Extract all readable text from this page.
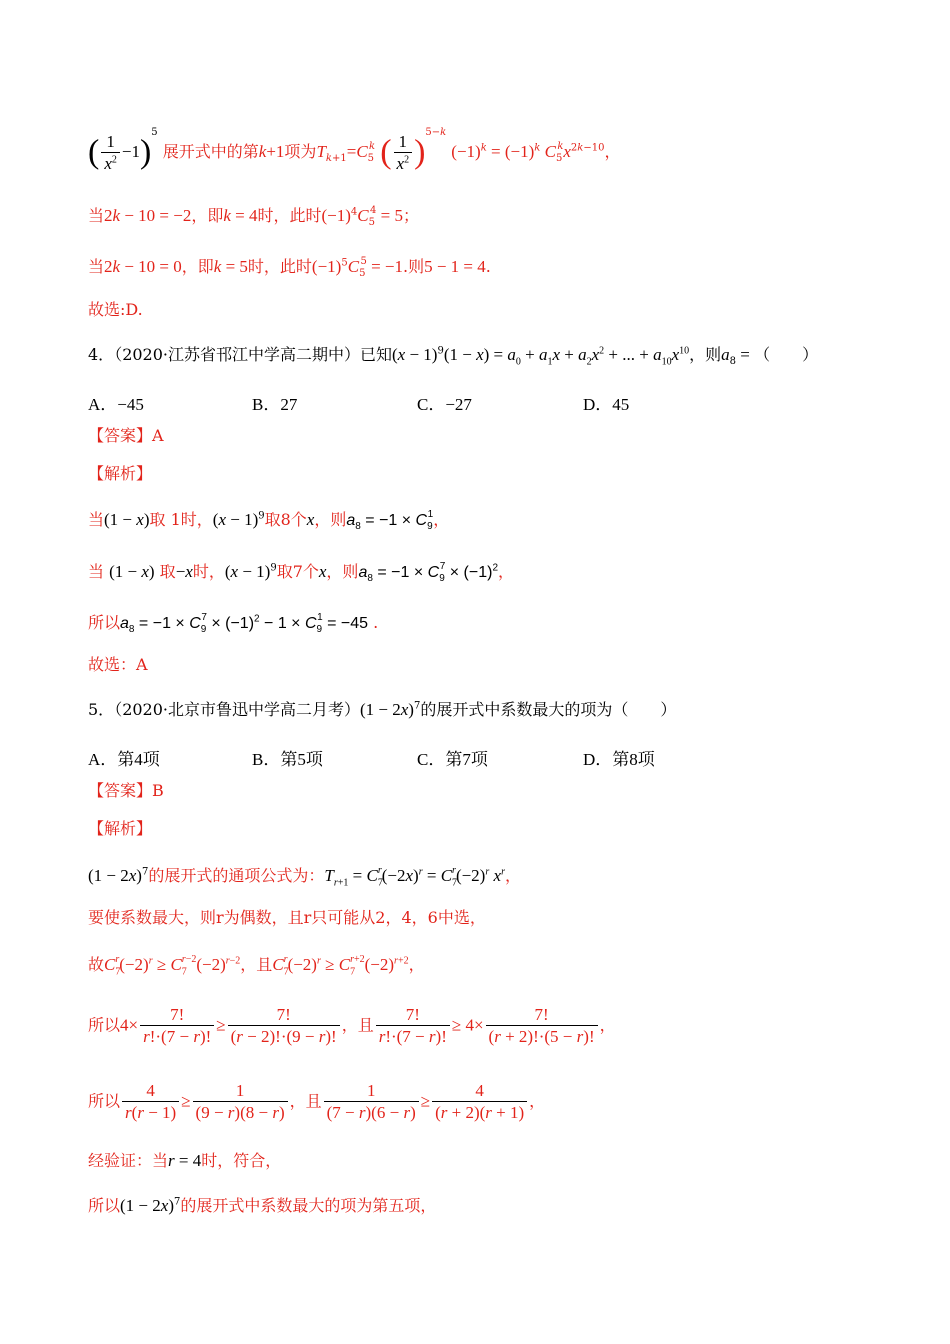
( $\frac{1}{x^2} -1)^5$ 展开式中的第k+1项为$T_{k+1}=C_5^k$ ( $\frac{1}{x^2} )^{5-k}$ $(-1)^k = (-1)^k$ $C_5^kx^{2k-10}$，
当2k − 10 = −2，即k = 4时，此时$(-1)^4C_5^4 = 5$；
当2k − 10 = 0，即k = 5时，此时$(-1)^5C_5^5 = -1$.则5 − 1 = 4.
故选:D.
4．（2020·江苏省邗江中学高二期中）已知$(x - 1)^9(1 - x) = a_0 + a_1x + a_2x^2$ + ... + $a_{10}x^{10}$，则$a_8$ = （　　）
A．−45	B．27	C．−27	D．45
【答案】A
【解析】
当(1 − x)取 1时，$(x - 1)^9$取8个x，则$a_8 = -1 \times C_9^1$，
当 (1 − x) 取−x时，$(x - 1)^9$取7个x，则$a_8 = -1 \times C_9^7 \times (-1)^2$，
所以$a_8 = -1 \times C_9^7 \times (-1)^2 - 1 \times C_9^1 = -45$ .
故选：A
5．（2020·北京市鲁迅中学高二月考）$(1 - 2x)^7$的展开式中系数最大的项为（　　）
A．第4项	B．第5项	C．第7项	D．第8项
【答案】B
【解析】
$(1 - 2x)^7$的展开式的通项公式为：$T_{r+1} = C_7^r(-2x)^r = C_7^r(-2)^r$ $x^r$，
要使系数最大，则r为偶数，且r只可能从2，4，6中选，
故$C_7^r(-2)^r \ge C_7^{r-2}(-2)^{r-2}$，且$C_7^r(-2)^r \ge C_7^{r+2}(-2)^{r+2}$，
所以$4\times \frac{7!}{r!\cdot(7 - r)!} \ge \frac{7!}{(r - 2)!\cdot(9 - r)!}$ ，且 $\frac{7!}{r!\cdot(7 - r)!} \ge 4\times \frac{7!}{(r + 2)!\cdot(5 - r)!}$ ，
所以 $\frac{4}{r(r - 1)} \ge \frac{1}{(9 - r)(8 - r)}$ ，且 $\frac{1}{(7 - r)(6 - r)} \ge \frac{4}{(r + 2)(r + 1)}$ ，
经验证：当r = 4时，符合，
所以$(1 - 2x)^7$的展开式中系数最大的项为第五项，
